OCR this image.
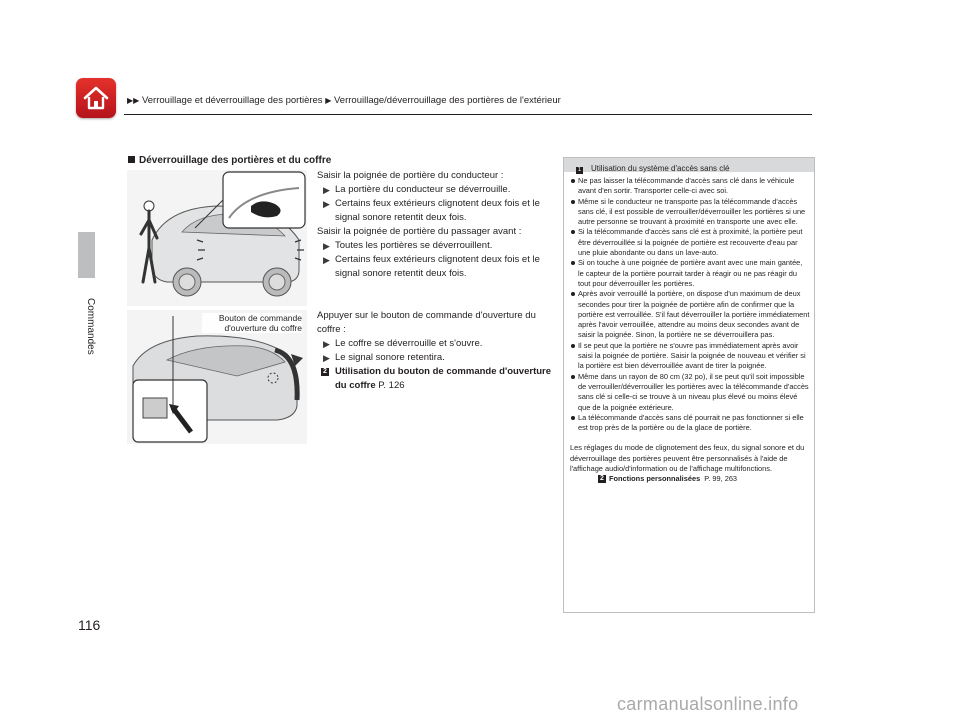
▶▶ Verrouillage et déverrouillage des portières ▶ Verrouillage/déverrouillage des portières de l'extérieur
Commandes
116
Déverrouillage des portières et du coffre
Bouton de commande d'ouverture du coffre

Saisir la poignée de portière du conducteur :

▶ La portière du conducteur se déverrouille.

▶ Certains feux extérieurs clignotent deux fois et le signal sonore retentit deux fois.

Saisir la poignée de portière du passager avant :

▶ Toutes les portières se déverrouillent.

▶ Certains feux extérieurs clignotent deux fois et le signal sonore retentit deux fois.

Appuyer sur le bouton de commande d'ouverture du coffre :

▶ Le coffre se déverrouille et s'ouvre.

▶ Le signal sonore retentira.

2 Utilisation du bouton de commande d'ouverture du coffre P. 126

1 Utilisation du système d'accès sans clé
Ne pas laisser la télécommande d'accès sans clé dans le véhicule avant d'en sortir. Transporter celle-ci avec soi.
Même si le conducteur ne transporte pas la télécommande d'accès sans clé, il est possible de verrouiller/déverrouiller les portières si une autre personne se trouvant à proximité en transporte une avec elle.
Si la télécommande d'accès sans clé est à proximité, la portière peut être déverrouillée si la poignée de portière est recouverte d'eau par une pluie abondante ou dans un lave-auto.
Si on touche à une poignée de portière avant avec une main gantée, le capteur de la portière pourrait tarder à réagir ou ne pas réagir du tout pour déverrouiller les portières.
Après avoir verrouillé la portière, on dispose d'un maximum de deux secondes pour tirer la poignée de portière afin de confirmer que la portière est verrouillée. S'il faut déverrouiller la portière immédiatement après l'avoir verrouillée, attendre au moins deux secondes avant de saisir la poignée. Sinon, la portière ne se déverrouillera pas.
Il se peut que la portière ne s'ouvre pas immédiatement après avoir saisi la poignée de portière. Saisir la poignée de nouveau et vérifier si la portière est bien déverrouillée avant de tirer la poignée.
Même dans un rayon de 80 cm (32 po), il se peut qu'il soit impossible de verrouiller/déverrouiller les portières avec la télécommande d'accès sans clé si celle-ci se trouve à un niveau plus élevé ou moins élevé que de la poignée extérieure.
La télécommande d'accès sans clé pourrait ne pas fonctionner si elle est trop près de la portière ou de la glace de portière.
Les réglages du mode de clignotement des feux, du signal sonore et du déverrouillage des portières peuvent être personnalisés à l'aide de l'affichage audio/d'information ou de l'affichage multifonctions.
2 Fonctions personnalisées P. 99, 263
carmanualsonline.info
